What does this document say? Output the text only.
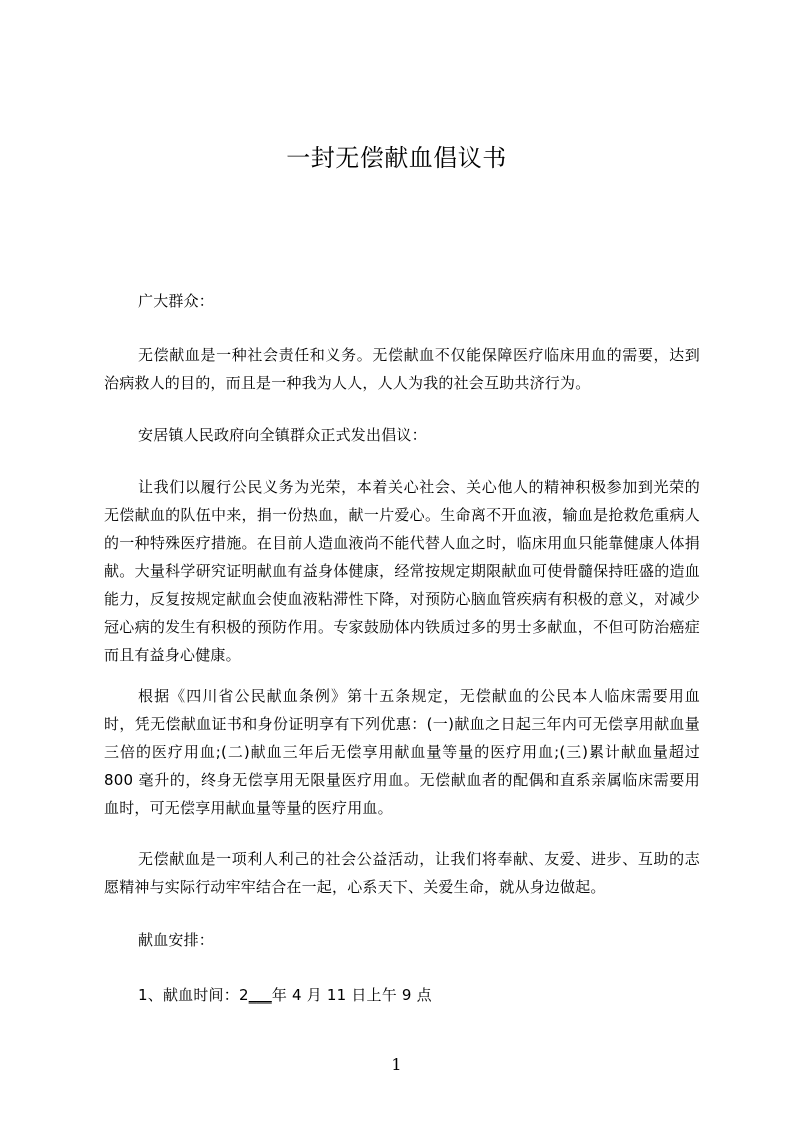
一封无偿献血倡议书
广大群众：
无偿献血是一种社会责任和义务。无偿献血不仅能保障医疗临床用血的需要，达到治病救人的目的，而且是一种我为人人，人人为我的社会互助共济行为。
安居镇人民政府向全镇群众正式发出倡议：
让我们以履行公民义务为光荣，本着关心社会、关心他人的精神积极参加到光荣的无偿献血的队伍中来，捐一份热血，献一片爱心。生命离不开血液，输血是抢救危重病人的一种特殊医疗措施。在目前人造血液尚不能代替人血之时，临床用血只能靠健康人体捐献。大量科学研究证明献血有益身体健康，经常按规定期限献血可使骨髓保持旺盛的造血能力，反复按规定献血会使血液粘滞性下降，对预防心脑血管疾病有积极的意义，对减少冠心病的发生有积极的预防作用。专家鼓励体内铁质过多的男士多献血，不但可防治癌症而且有益身心健康。
根据《四川省公民献血条例》第十五条规定，无偿献血的公民本人临床需要用血时，凭无偿献血证书和身份证明享有下列优惠：(一)献血之日起三年内可无偿享用献血量三倍的医疗用血;(二)献血三年后无偿享用献血量等量的医疗用血;(三)累计献血量超过 800 毫升的，终身无偿享用无限量医疗用血。无偿献血者的配偶和直系亲属临床需要用血时，可无偿享用献血量等量的医疗用血。
无偿献血是一项利人利己的社会公益活动，让我们将奉献、友爱、进步、互助的志愿精神与实际行动牢牢结合在一起，心系天下、关爱生命，就从身边做起。
献血安排：
1、献血时间：2___年 4 月 11 日上午 9 点
1
